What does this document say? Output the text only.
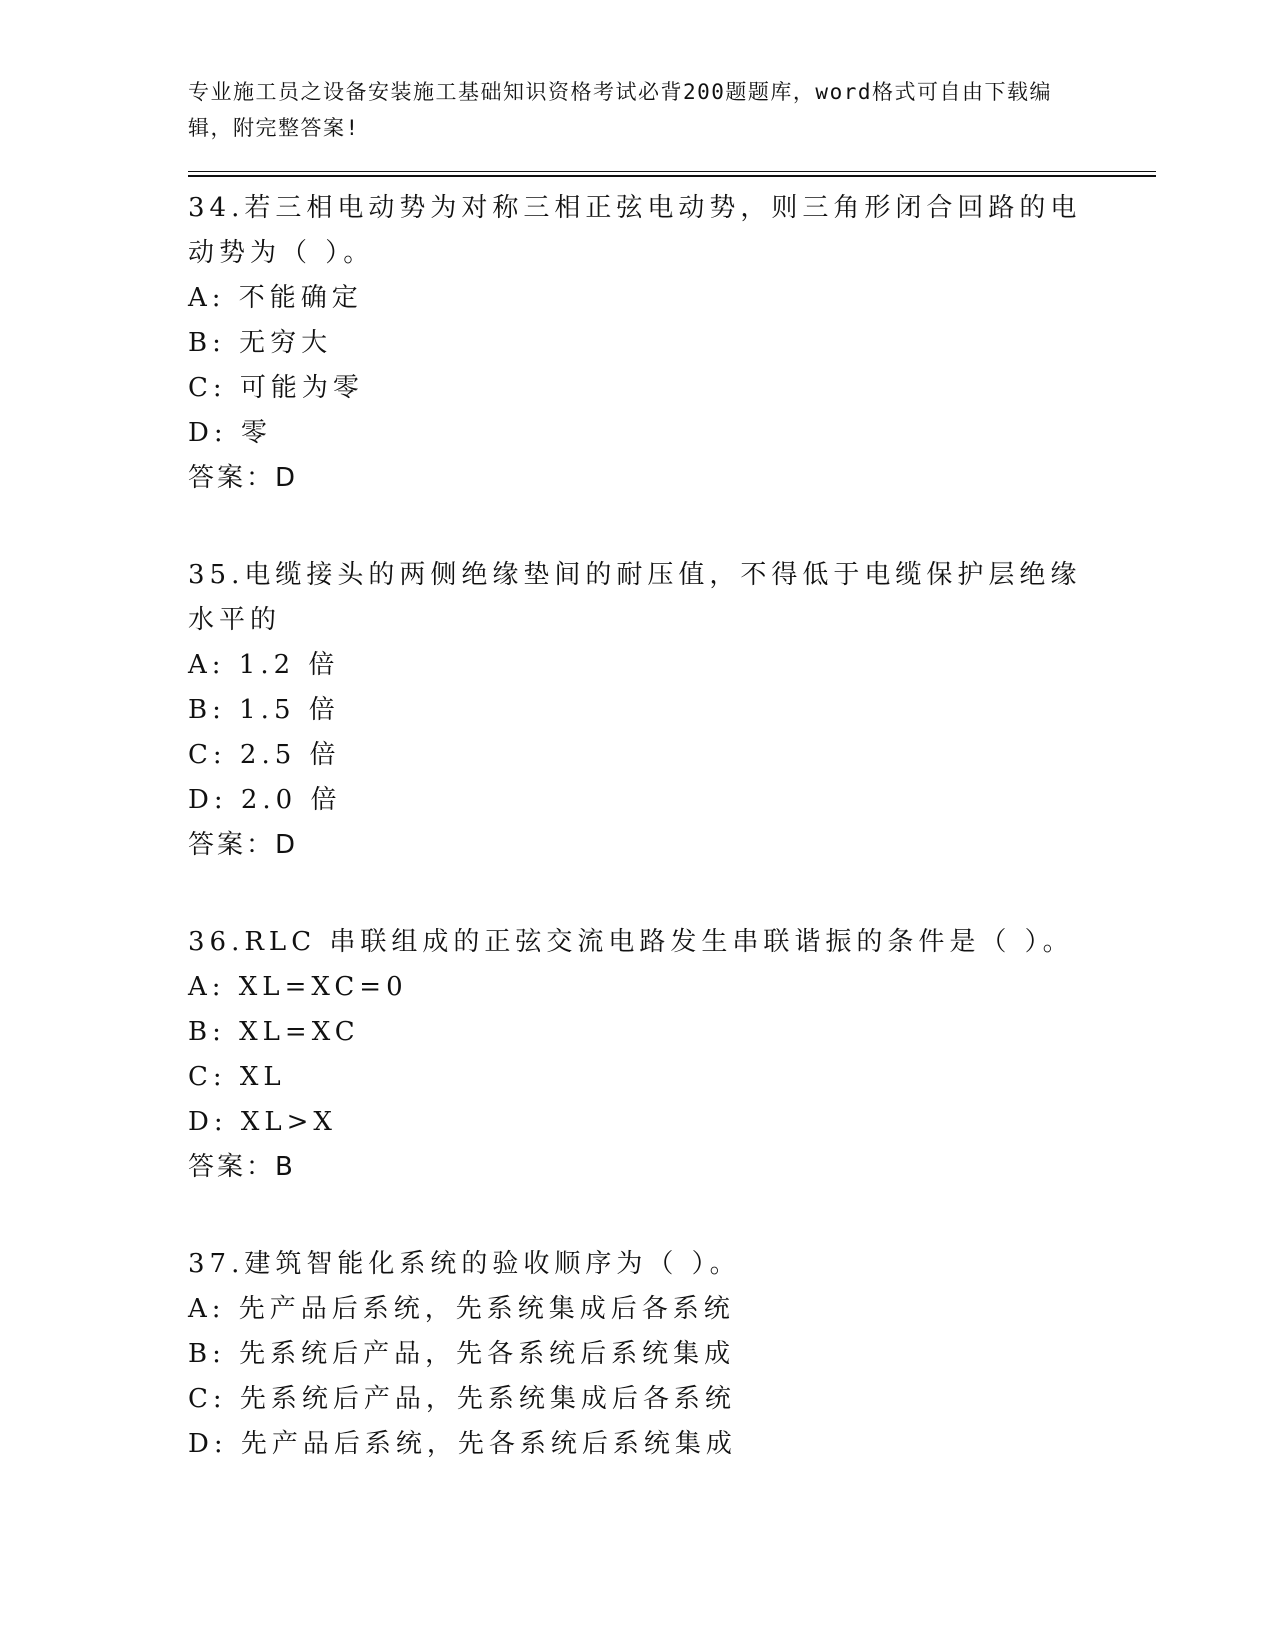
专业施工员之设备安装施工基础知识资格考试必背200题题库，word格式可自由下载编辑，附完整答案!

34.若三相电动势为对称三相正弦电动势，则三角形闭合回路的电动势为（ ）。

A: 不能确定
B: 无穷大
C: 可能为零
D: 零
答案：D

35.电缆接头的两侧绝缘垫间的耐压值，不得低于电缆保护层绝缘水平的

A: 1.2 倍
B: 1.5 倍
C: 2.5 倍
D: 2.0 倍
答案：D

36.RLC 串联组成的正弦交流电路发生串联谐振的条件是（ ）。

A: XL=XC=0
B: XL=XC
C: XL
D: XL>X
答案：B

37.建筑智能化系统的验收顺序为（ ）。

A: 先产品后系统，先系统集成后各系统
B: 先系统后产品，先各系统后系统集成
C: 先系统后产品，先系统集成后各系统
D: 先产品后系统，先各系统后系统集成
